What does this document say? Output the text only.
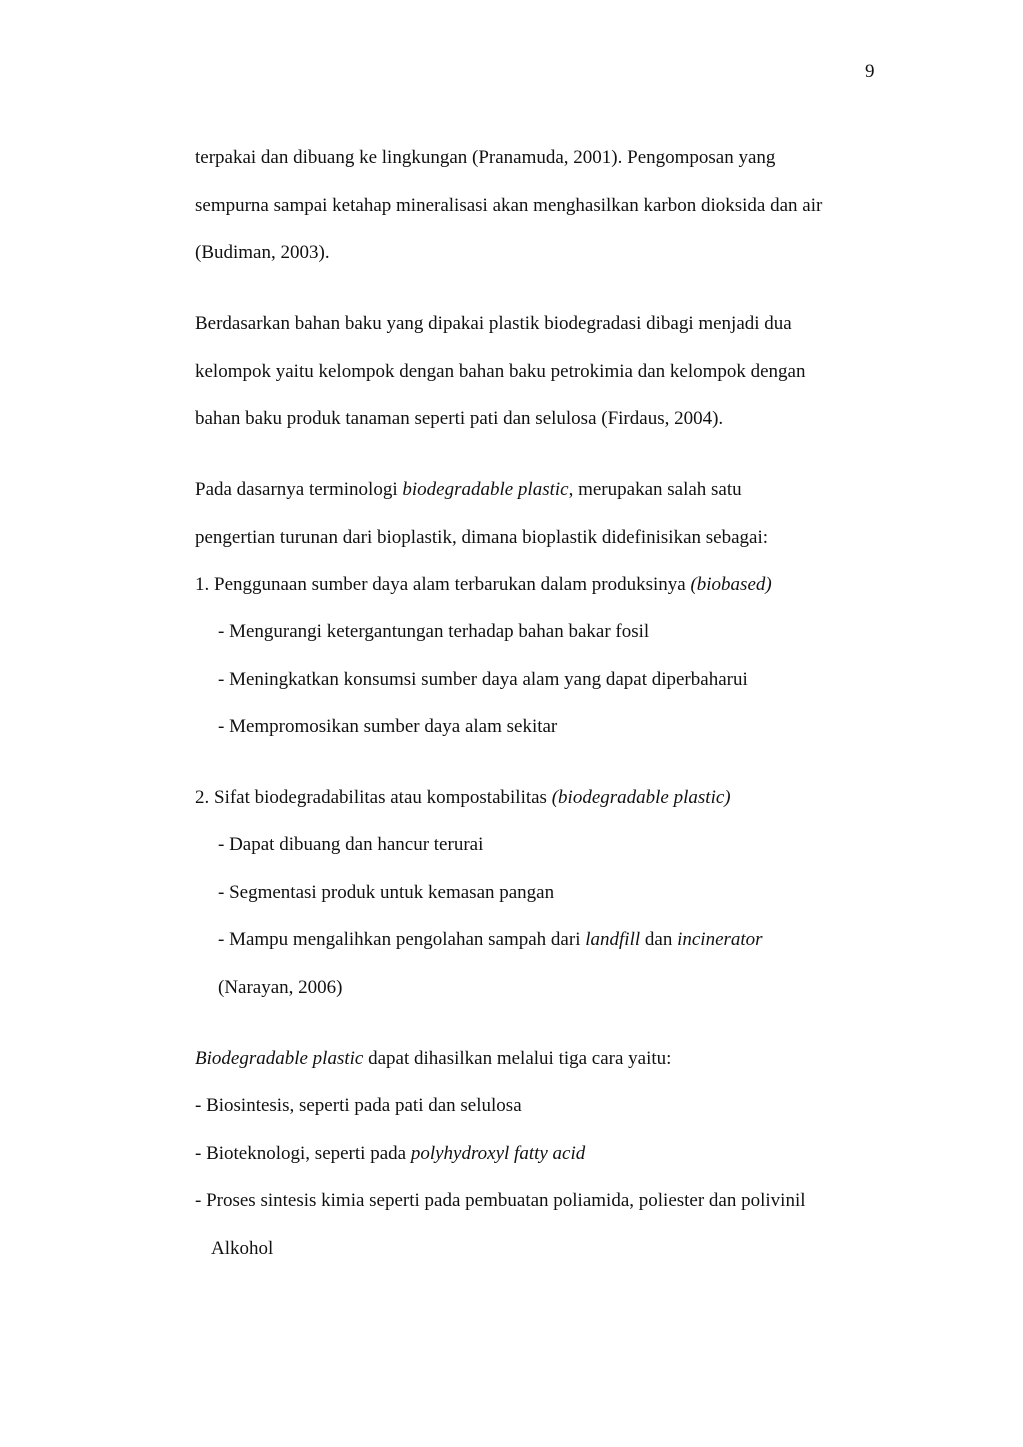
9
terpakai dan dibuang ke lingkungan (Pranamuda, 2001). Pengomposan yang
sempurna sampai ketahap mineralisasi akan menghasilkan karbon dioksida dan air
(Budiman, 2003).
Berdasarkan bahan baku yang dipakai plastik biodegradasi dibagi menjadi dua
kelompok yaitu kelompok dengan bahan baku petrokimia dan kelompok dengan
bahan baku produk tanaman seperti pati dan selulosa (Firdaus, 2004).
Pada dasarnya terminologi biodegradable plastic, merupakan salah satu
pengertian turunan dari bioplastik, dimana bioplastik didefinisikan sebagai:
1. Penggunaan sumber daya alam terbarukan dalam produksinya (biobased)
- Mengurangi ketergantungan terhadap bahan bakar fosil
- Meningkatkan konsumsi sumber daya alam yang dapat diperbaharui
- Mempromosikan sumber daya alam sekitar
2. Sifat biodegradabilitas atau kompostabilitas (biodegradable plastic)
- Dapat dibuang dan hancur terurai
- Segmentasi produk untuk kemasan pangan
- Mampu mengalihkan pengolahan sampah dari landfill dan incinerator
(Narayan, 2006)
Biodegradable plastic dapat dihasilkan melalui tiga cara yaitu:
- Biosintesis, seperti pada pati dan selulosa
- Bioteknologi, seperti pada polyhydroxyl fatty acid
- Proses sintesis kimia seperti pada pembuatan poliamida, poliester dan polivinil
Alkohol
